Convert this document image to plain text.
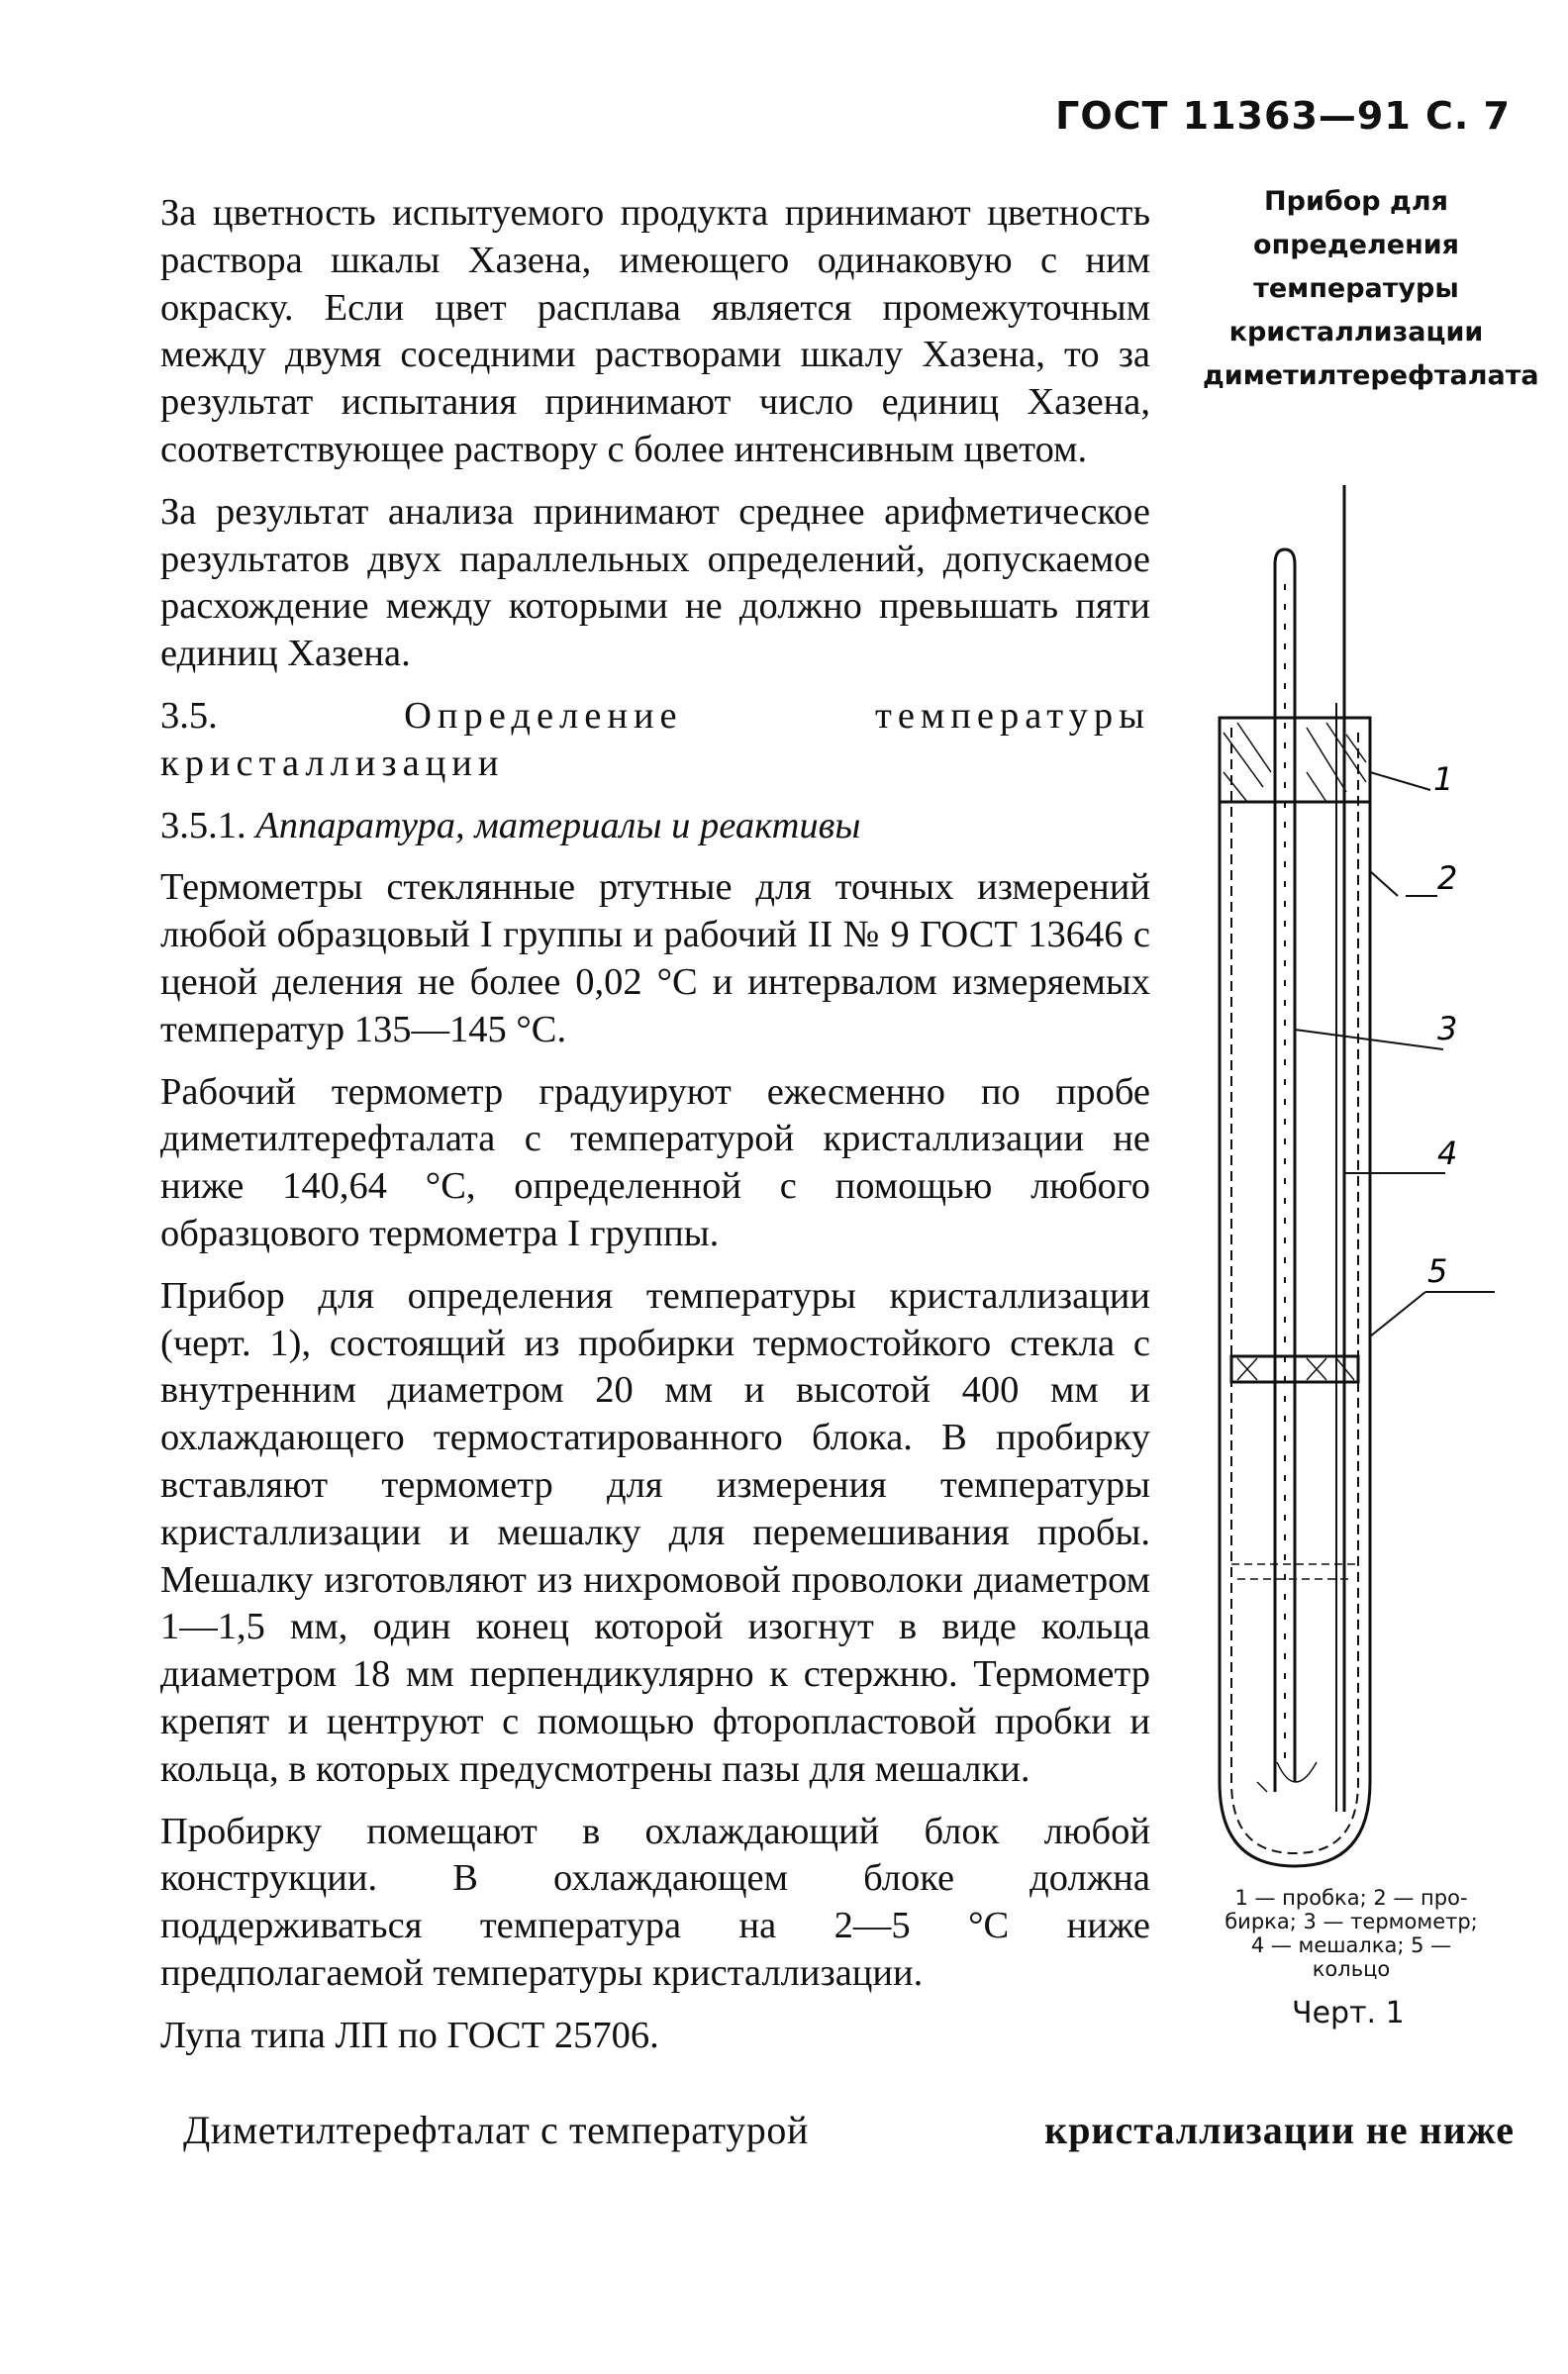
ГОСТ 11363—91 С. 7

За цветность испытуемого продукта принимают цветность раствора шкалы Хазена, имеющего одинаковую с ним окраску. Если цвет расплава является промежуточным между двумя соседними растворами шкалу Хазена, то за результат испытания принимают число единиц Хазена, соответствующее раствору с более интенсивным цветом.

За результат анализа принимают среднее арифметическое результатов двух параллельных определений, допускаемое расхождение между которыми не должно превышать пяти единиц Хазена.

3.5.	Определение температуры кристаллизации

3.5.1. Аппаратура, материалы и реактивы

Термометры стеклянные ртутные для точных измерений любой образцовый I группы и рабочий II № 9 ГОСТ 13646 с ценой деления не более 0,02 °С и интервалом измеряемых температур 135—145 °С.

Рабочий термометр градуируют ежесменно по пробе диметилтерефталата с температурой кристаллизации не ниже 140,64 °С, определенной с помощью любого образцового термометра I группы.

Прибор для определения температуры кристаллизации (черт. 1), состоящий из пробирки термостойкого стекла с внутренним диаметром 20 мм и высотой 400 мм и охлаждающего термостатированного блока. В пробирку вставляют термометр для измерения температуры кристаллизации и мешалку для перемешивания пробы. Мешалку изготовляют из нихромовой проволоки диаметром 1—1,5 мм, один конец которой изогнут в виде кольца диаметром 18 мм перпендикулярно к стержню. Термометр крепят и центруют с помощью фторопластовой пробки и кольца, в которых предусмотрены пазы для мешалки.

Пробирку помещают в охлаждающий блок любой конструкции. В охлаждающем блоке должна поддерживаться температура на 2—5 °С ниже предполагаемой температуры кристаллизации.

Лупа типа ЛП по ГОСТ 25706.

Диметилтерефталат с температурой	кристаллизации не ниже
Прибор для определения температуры кристаллизации диметилтерефталата
1
2
3
4
5
1 — пробка; 2 — про-
бирка; 3 — термометр;
4 — мешалка; 5 —
кольцо
Черт. 1
